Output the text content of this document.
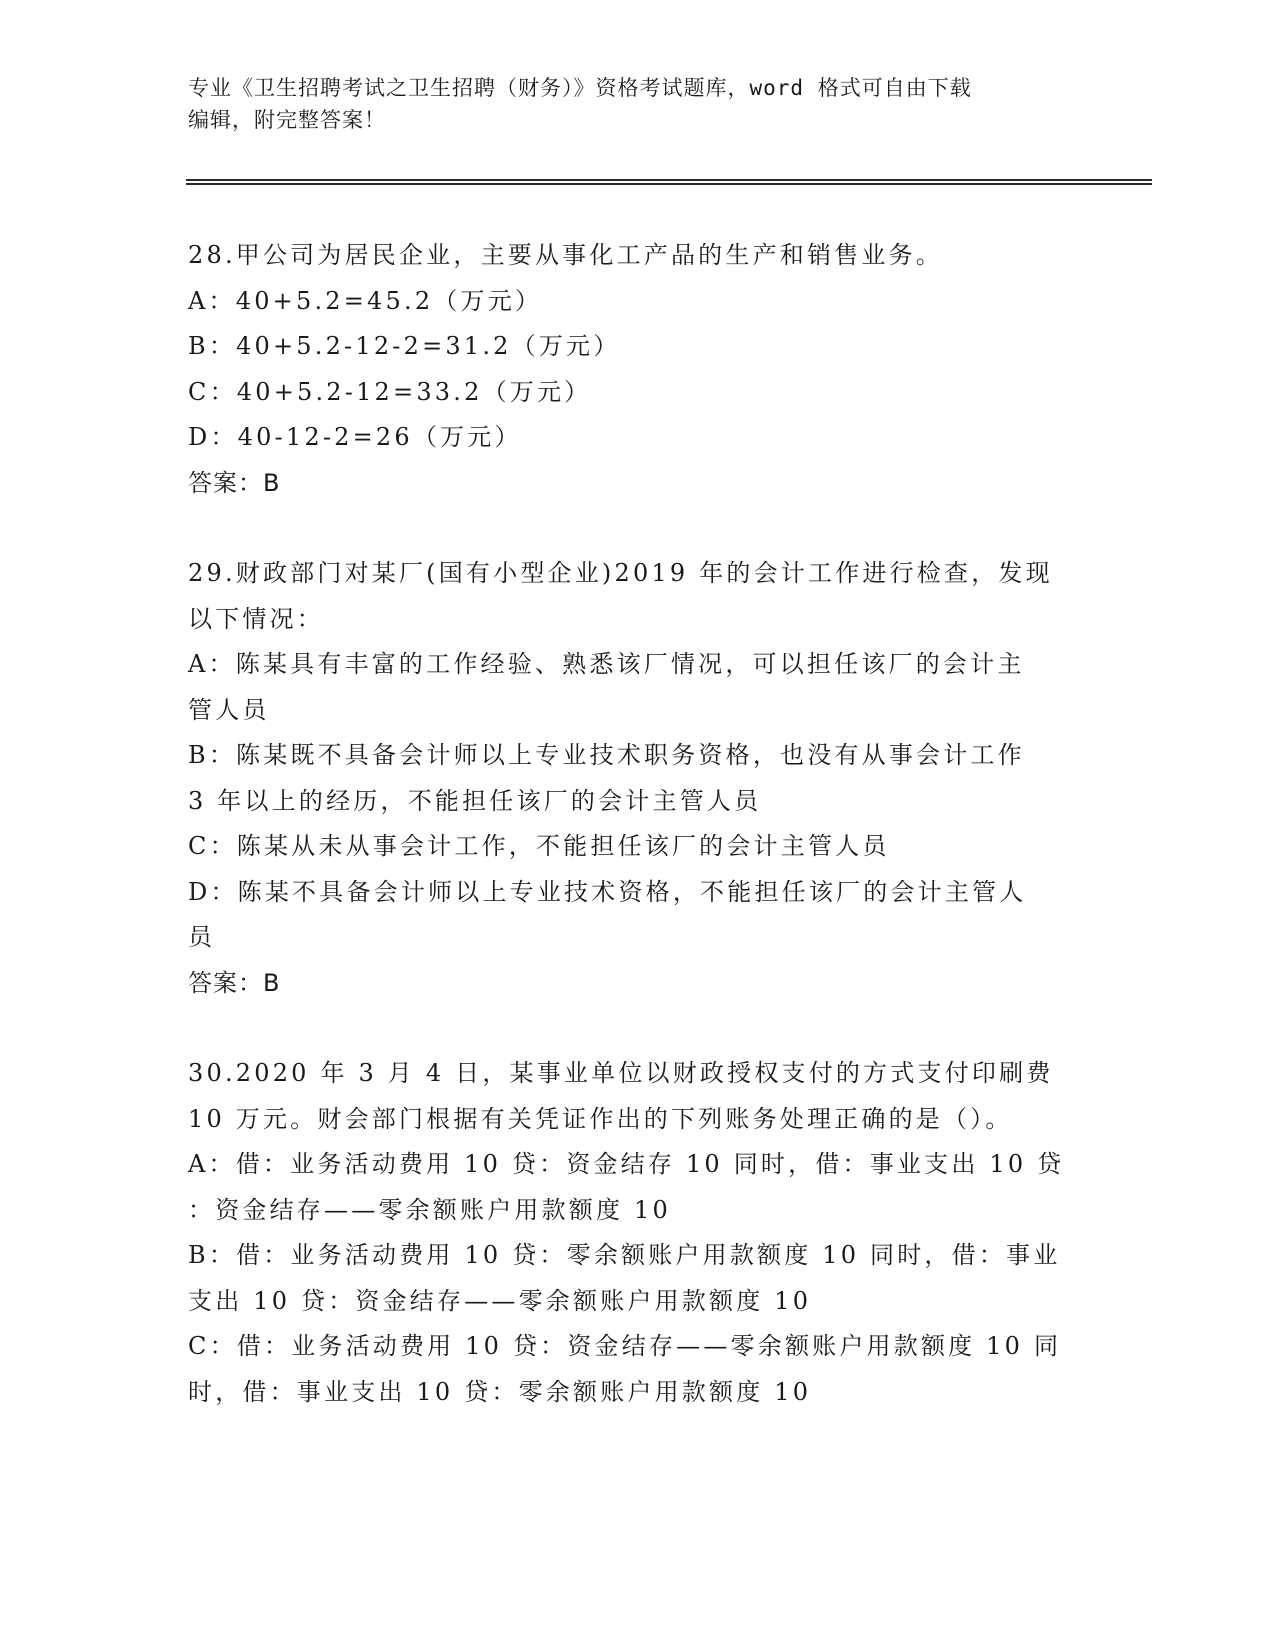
专业《卫生招聘考试之卫生招聘（财务）》资格考试题库，word 格式可自由下载
编辑，附完整答案！
28.甲公司为居民企业，主要从事化工产品的生产和销售业务。
A：40+5.2=45.2（万元）
B：40+5.2-12-2=31.2（万元）
C：40+5.2-12=33.2（万元）
D：40-12-2=26（万元）
答案：B
29.财政部门对某厂(国有小型企业)2019 年的会计工作进行检查，发现
以下情况：
A：陈某具有丰富的工作经验、熟悉该厂情况，可以担任该厂的会计主
管人员
B：陈某既不具备会计师以上专业技术职务资格，也没有从事会计工作
3 年以上的经历，不能担任该厂的会计主管人员
C：陈某从未从事会计工作，不能担任该厂的会计主管人员
D：陈某不具备会计师以上专业技术资格，不能担任该厂的会计主管人
员
答案：B
30.2020 年 3 月 4 日，某事业单位以财政授权支付的方式支付印刷费
10 万元。财会部门根据有关凭证作出的下列账务处理正确的是（）。
A：借：业务活动费用 10 贷：资金结存 10 同时，借：事业支出 10 贷
：资金结存——零余额账户用款额度 10
B：借：业务活动费用 10 贷：零余额账户用款额度 10 同时，借：事业
支出 10 贷：资金结存——零余额账户用款额度 10
C：借：业务活动费用 10 贷：资金结存——零余额账户用款额度 10 同
时，借：事业支出 10 贷：零余额账户用款额度 10
